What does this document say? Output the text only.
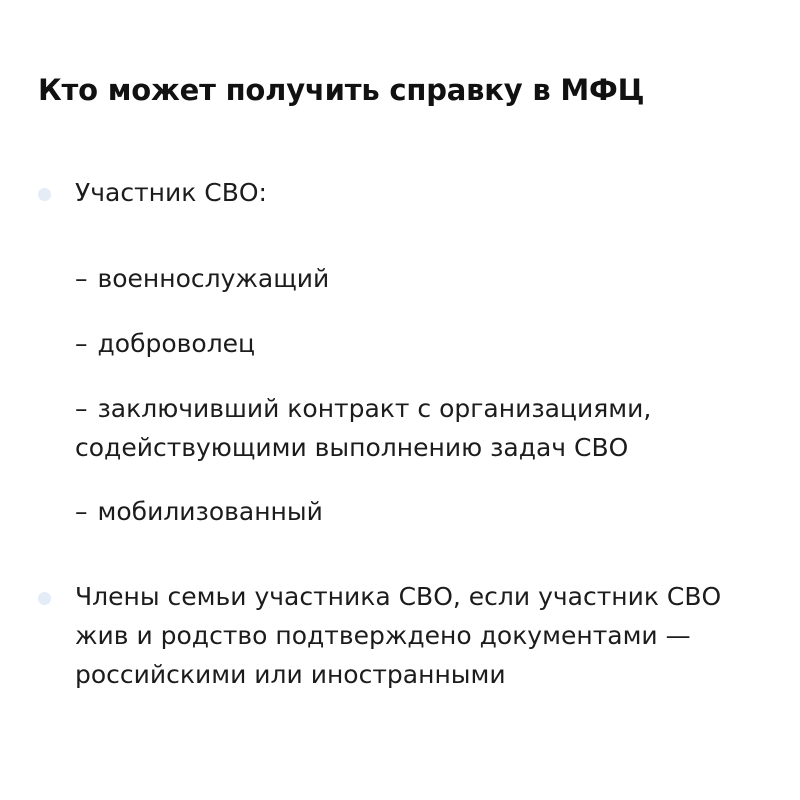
Кто может получить справку в МФЦ
Участник СВО:
– военнослужащий
– доброволец
– заключивший контракт с организациями,
содействующими выполнению задач СВО
– мобилизованный
Члены семьи участника СВО, если участник СВО
жив и родство подтверждено документами —
российскими или иностранными
